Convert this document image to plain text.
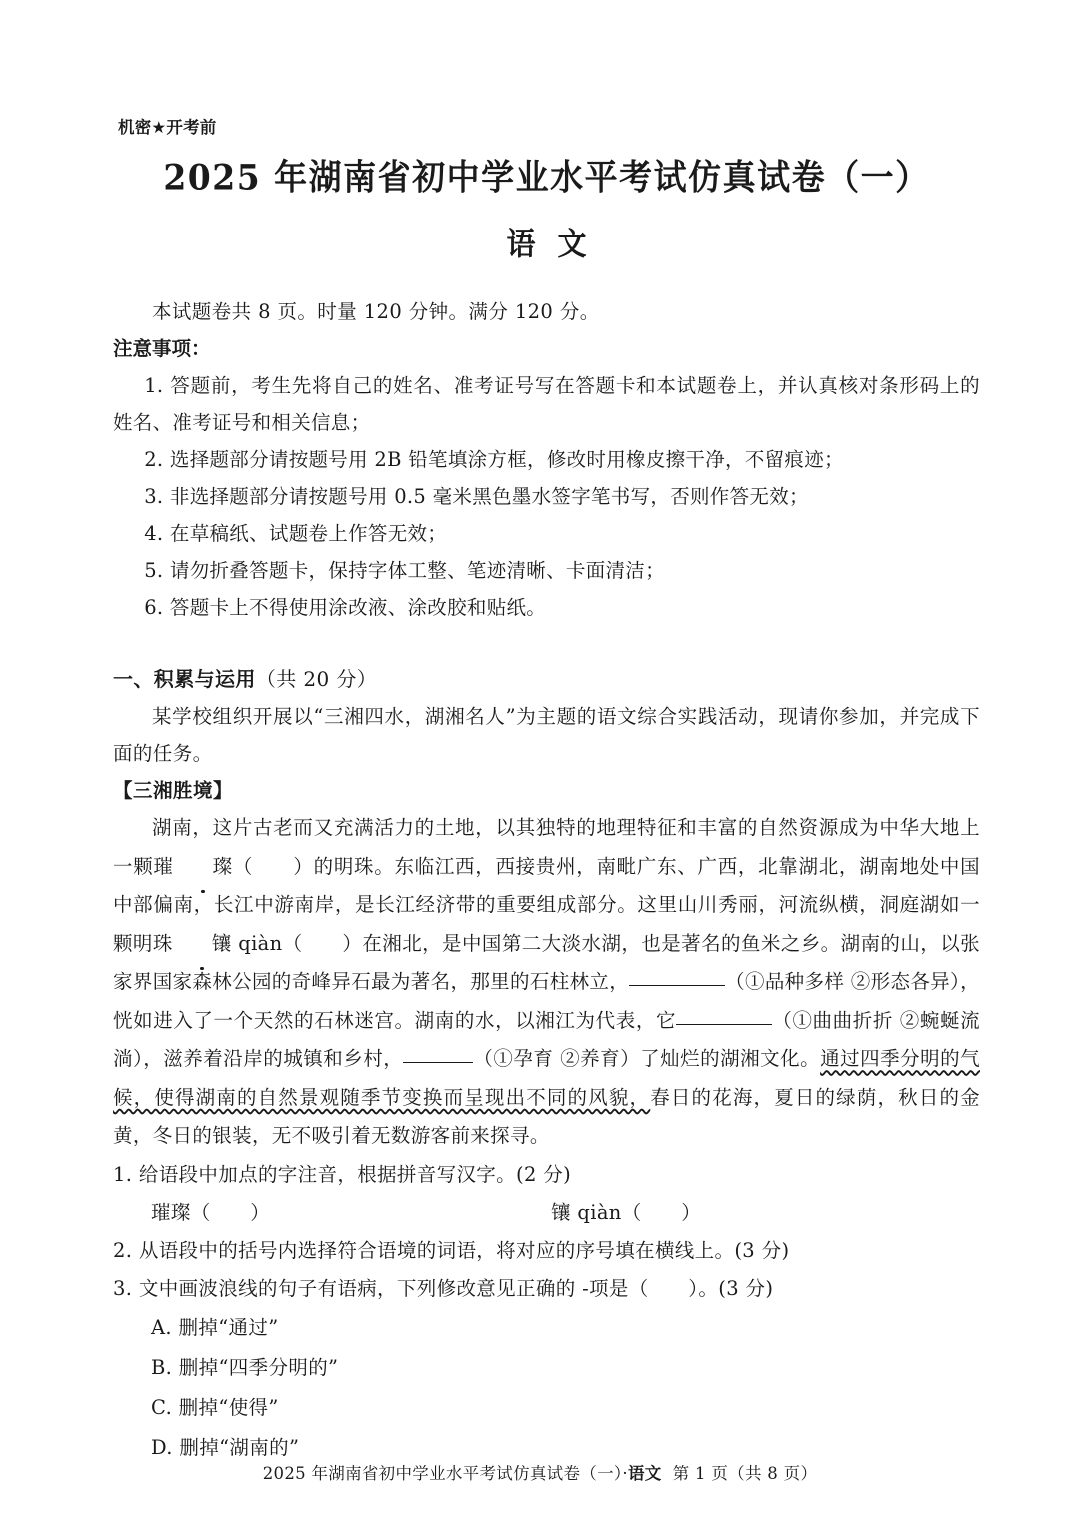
机密★开考前
2025 年湖南省初中学业水平考试仿真试卷（一）
语文

本试题卷共 8 页。时量 120 分钟。满分 120 分。

注意事项：

1. 答题前，考生先将自己的姓名、准考证号写在答题卡和本试题卷上，并认真核对条形码上的姓名、准考证号和相关信息；

2. 选择题部分请按题号用 2B 铅笔填涂方框，修改时用橡皮擦干净，不留痕迹；

3. 非选择题部分请按题号用 0.5 毫米黑色墨水签字笔书写，否则作答无效；

4. 在草稿纸、试题卷上作答无效；

5. 请勿折叠答题卡，保持字体工整、笔迹清晰、卡面清洁；

6. 答题卡上不得使用涂改液、涂改胶和贴纸。

一、积累与运用（共 20 分）

某学校组织开展以“三湘四水，湖湘名人”为主题的语文综合实践活动，现请你参加，并完成下面的任务。

【三湘胜境】

湖南，这片古老而又充满活力的土地，以其独特的地理特征和丰富的自然资源成为中华大地上一颗璀 璨（　　）的明珠。东临江西，西接贵州，南毗广东、广西，北靠湖北，湖南地处中国中部偏南，长江中游南岸，是长江经济带的重要组成部分。这里山川秀丽，河流纵横，洞庭湖如一颗明珠 镶 qiàn（　　）在湘北，是中国第二大淡水湖，也是著名的鱼米之乡。湖南的山，以张家界国家森林公园的奇峰异石最为著名，那里的石柱林立，	（①品种多样 ②形态各异），恍如进入了一个天然的石林迷宫。湖南的水，以湘江为代表，它	（①曲曲折折 ②蜿蜒流淌），滋养着沿岸的城镇和乡村，	（①孕育 ②养育）了灿烂的湖湘文化。通过四季分明的气候，使得湖南的自然景观随季节变换而呈现出不同的风貌，春日的花海，夏日的绿荫，秋日的金黄，冬日的银装，无不吸引着无数游客前来探寻。

1. 给语段中加点的字注音，根据拼音写汉字。(2 分)

璀璨（　　）	镶 qiàn（　　）

2. 从语段中的括号内选择符合语境的词语，将对应的序号填在横线上。(3 分)

3. 文中画波浪线的句子有语病，下列修改意见正确的 -项是（　　）。(3 分)

A. 删掉“通过”B. 删掉“四季分明的”

C. 删掉“使得”D. 删掉“湖南的”

2025 年湖南省初中学业水平考试仿真试卷（一）·语文 第 1 页（共 8 页）
